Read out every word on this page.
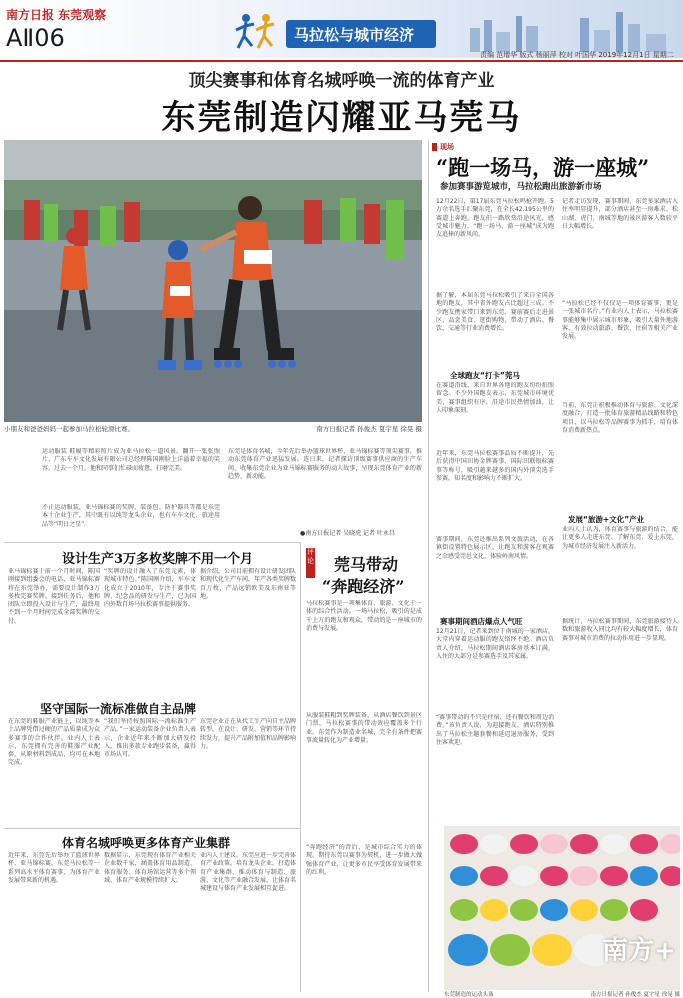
南方日报 东莞观察
AⅡ06	马拉松与城市经济
责编 范增华 版式 杨丽萍 校对 叶国华 2019年12月1日 星期二
顶尖赛事和体育名城呼唤一流的体育产业
东莞制造闪耀亚马莞马
小朋友和爸爸妈妈一起参加马拉松轮滑比赛。	南方日报记者 孙俊杰 夏宇星 徐晃 摄
运动服装 鞋履等精彩照片成为亚马拉松一道风景。翻开一张张照片，广东车车文化发展有限公司总经理陈国刚脸上洋溢着幸福的笑容。过去一个月，他和同事们忙碌而疲惫，打磨完美。
不止运动服装，亚马锦标赛的奖牌、装备包、防护器具等都是东莞本土企业生产，其中既有以纯等龙头企业，也有车车文化、旅途用品等“明日之星”。
东莞是体育名城，今年先后举办篮球世界杯、亚马锦标赛等顶尖赛事，推动东莞体育产业迅猛发展。连日来，记者探访顶级赛事供应商的生产车间，收集东莞企业为亚马锦标赛服务的动人故事，呈现东莞体育产业的新趋势、新动能。
●南方日报记者 吴晓虎 记者 叶永昌
现场
“跑一场马，游一座城”
参加赛事游览城市，马拉松跑出旅游新市场
12月22日，第17届东莞马拉松鸣枪开跑。5万余名选手汇聚东莞，在全长42.195公里的赛道上奔跑。跑友们一路欣赏沿途风光，感受城市魅力，“跑一场马，游一座城”成为跑友追捧的新风尚。
据了解，本届东莞马拉松吸引了来自全国各地的跑友，其中省外跑友占比超过三成。不少跑友携家带口来到东莞，赛前赛后走进景区、品尝美食、逛街购物，带动了酒店、餐饮、交通等行业消费增长。
全球跑友“打卡”莞马
在赛道沿线，来自世界各地的跑友纷纷拍照留念。不少外国跑友表示，东莞城市环境优美，赛事组织有序，沿途市民热情加油，让人印象深刻。
近年来，东莞马拉松赛事品质不断提升，先后获得中国田协金牌赛事、国际田联银标赛事等称号，吸引越来越多的国内外顶尖选手参赛，知名度和影响力不断扩大。
赛事期间，东莞还推出系列文旅活动，在各镇街设置特色展示区，让跑友和游客在观赛之余感受莞邑文化，体验岭南风情。
赛事期间酒店爆点人气旺
12月21日，记者来到位于南城的一家酒店，大堂内穿着运动服的跑友络绎不绝。酒店负责人介绍，马拉松期间酒店客房基本订满，入住的大部分是参赛选手及其家属。
“赛事带动的不只是住宿，还有餐饮和周边消费。”该负责人说，为迎接跑友，酒店特别推出了马拉松主题套餐和延迟退房服务，受到住客欢迎。
记者走访发现，赛事期间，东莞多家酒店入住率明显提升，部分酒店甚至一房难求。松山湖、虎门、南城等地的景区游客人数较平日大幅增长。
“马拉松已经不仅仅是一项体育赛事，更是一张城市名片。”有业内人士表示，马拉松赛事能够集中展示城市形象，吸引大量外地游客，有效拉动旅游、餐饮、住宿等相关产业发展。
当前，东莞正积极推动体育与旅游、文化深度融合，打造一批体育旅游精品线路和特色项目，以马拉松等品牌赛事为抓手，培育体育消费新热点。
发展“旅游+文化”产业
业内人士认为，体育赛事与旅游的结合，能让更多人走进东莞、了解东莞、爱上东莞，为城市经济发展注入新活力。
据统计，马拉松赛事期间，东莞旅游接待人数和旅游收入同比均有较大幅度增长，体育赛事对城市消费的拉动作用进一步显现。
设计生产3万多枚奖牌不用一个月
亚马锦标赛于前一个月时间，陈国刚接到组委会的电话，亚马锦标赛将在东莞举办，需要设计制作3万多枚完赛奖牌。接到任务后，他和团队立即投入设计与生产，最终用不到一个月时间完成全部奖牌的交付。
“奖牌的设计融入了东莞元素，体现城市特色。”陈国刚介绍，车车文化成立于2010年，专注于赛事奖牌、纪念品的研发与生产，已为国内外数百场马拉松赛事提供服务。
据介绍，公司目前拥有设计研发团队和现代化生产车间，年产各类奖牌数百万枚，产品远销欧美及东南亚等地。
坚守国际一流标准做自主品牌
在东莞的鞋服产业链上，以纯等本土品牌凭借过硬的产品质量成为众多赛事的合作伙伴。业内人士表示，东莞拥有完善的鞋服产业配套，从原材料到成品，均可在本地完成。
“我们坚持按照国际一流标准生产产品。”一家运动装备企业负责人表示，企业近年来不断加大研发投入，推出多款专业跑步装备，赢得市场认可。
东莞企业正在从代工生产向自主品牌转型，在设计、研发、营销等环节持续发力，提升产品附加值和品牌影响力。
体育名城呼唤更多体育产业集群
近年来，东莞先后举办了篮球世界杯、亚马锦标赛、东莞马拉松等一系列高水平体育赛事，为体育产业发展带来新的机遇。
数据显示，东莞现有体育产业相关企业数千家，涵盖体育用品制造、体育服务、体育场馆运营等多个领域，体育产业规模持续扩大。
业内人士建议，东莞应进一步完善体育产业政策，培育龙头企业，打造体育产业集群，推动体育与制造、旅游、文化等产业融合发展，让体育名城建设与体育产业发展相互促进。
评论 莞马带动
“奔跑经济”
马拉松赛事是一项集体育、旅游、文化于一体的综合性活动。一场马拉松，吸引的是成千上万的跑友和观众，带动的是一座城市的消费与发展。
从服装鞋帽到奖牌装备，从酒店餐饮到景区门票，马拉松赛事的带动效应覆盖多个行业。东莞作为制造业名城，完全有条件把赛事流量转化为产业增量。
“奔跑经济”的背后，是城市综合实力的体现。期待东莞以赛事为契机，进一步做大做强体育产业，让更多市民享受体育发展带来的红利。
南方+
东莞制造的运动头盔	南方日报记者 孙俊杰 夏宇星 徐晃 摄
